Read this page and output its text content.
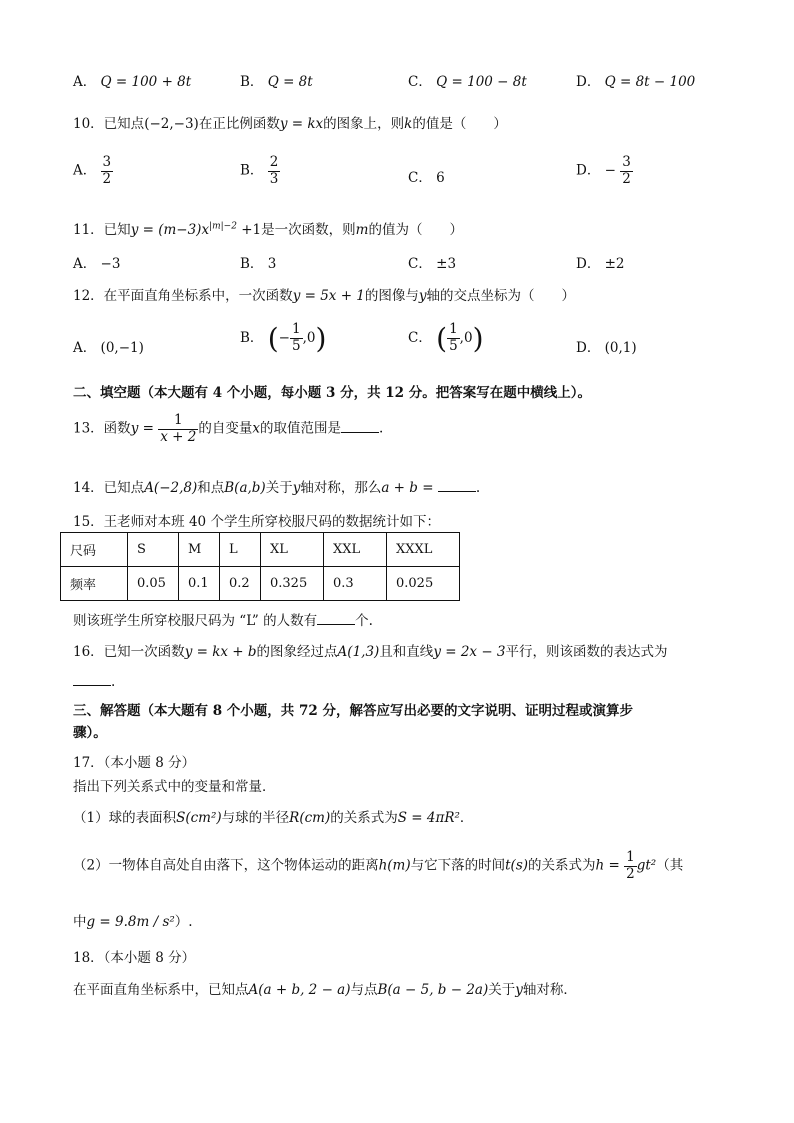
A． Q = 100 + 8t	B． Q = 8t	C． Q = 100 − 8t	D． Q = 8t − 100
10．已知点(−2,−3)在正比例函数y = kx的图象上，则k的值是（　　）
A． $\frac{3}{2}$	B． $\frac{2}{3}$	C． 6	D． − $\frac{3}{2}$
11．已知$y = (m-3)x^{|m|-2} +1$是一次函数，则m的值为（　　）
A． −3	B． 3	C． ±3	D． ±2
12．在平面直角坐标系中，一次函数y = 5x + 1的图像与y轴的交点坐标为（　　）
A． (0,−1)
B． (− $\frac{1}{5} ,0$)	C． ( $\frac{1}{5} ,0$)	D． (0,1)
二、填空题（本大题有 4 个小题，每小题 3 分，共 12 分。把答案写在题中横线上）。
13．函数$y = \frac{1}{x + 2}$ 的自变量x的取值范围是	.
14．已知点A(−2,8)和点B(a,b)关于y轴对称，那么a + b =	.
15．王老师对本班 40 个学生所穿校服尺码的数据统计如下：
尺码	S	M	L	XL	XXL	XXXL
频率	0.05	0.1	0.2	0.325	0.3	0.025
则该班学生所穿校服尺码为 “L” 的人数有	个.
16．已知一次函数y = kx + b的图象经过点A(1,3)且和直线y = 2x − 3平行，则该函数的表达式为
.
三、解答题（本大题有 8 个小题，共 72 分，解答应写出必要的文字说明、证明过程或演算步
骤）。
17．（本小题 8 分）
指出下列关系式中的变量和常量．
（1）球的表面积S(cm²)与球的半径R(cm)的关系式为S = 4πR²．
（2）一物体自高处自由落下，这个物体运动的距离h(m)与它下落的时间t(s)的关系式为$h = \frac{1}{2} gt^2$（其
中g = 9.8m / s²）.
18．（本小题 8 分）
在平面直角坐标系中，已知点A(a + b, 2 − a)与点B(a − 5, b − 2a)关于y轴对称．
